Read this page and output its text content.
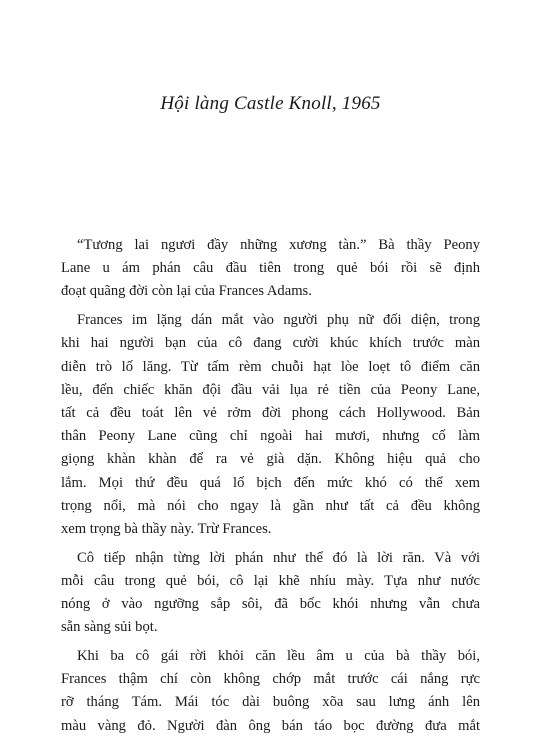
Hội làng Castle Knoll, 1965
“Tương lai ngươi đầy những xương tàn.” Bà thầy Peony
Lane u ám phán câu đầu tiên trong quẻ bói rồi sẽ định
đoạt quãng đời còn lại của Frances Adams.
Frances im lặng dán mắt vào người phụ nữ đối diện, trong
khi hai người bạn của cô đang cười khúc khích trước màn
diễn trò lố lăng. Từ tấm rèm chuỗi hạt lòe loẹt tô điểm căn
lều, đến chiếc khăn đội đầu vải lụa rẻ tiền của Peony Lane,
tất cả đều toát lên vẻ rởm đời phong cách Hollywood. Bản
thân Peony Lane cũng chỉ ngoài hai mươi, nhưng cố làm
giọng khàn khàn để ra vẻ già dặn. Không hiệu quả cho
lắm. Mọi thứ đều quá lố bịch đến mức khó có thể xem
trọng nổi, mà nói cho ngay là gần như tất cả đều không
xem trọng bà thầy này. Trừ Frances.
Cô tiếp nhận từng lời phán như thể đó là lời răn. Và với
mỗi câu trong quẻ bói, cô lại khẽ nhíu mày. Tựa như nước
nóng ở vào ngưỡng sắp sôi, đã bốc khói nhưng vẫn chưa
sẵn sàng sủi bọt.
Khi ba cô gái rời khỏi căn lều âm u của bà thầy bói,
Frances thậm chí còn không chớp mắt trước cái nắng rực
rỡ tháng Tám. Mái tóc dài buông xõa sau lưng ánh lên
màu vàng đỏ. Người đàn ông bán táo bọc đường đưa mắt
